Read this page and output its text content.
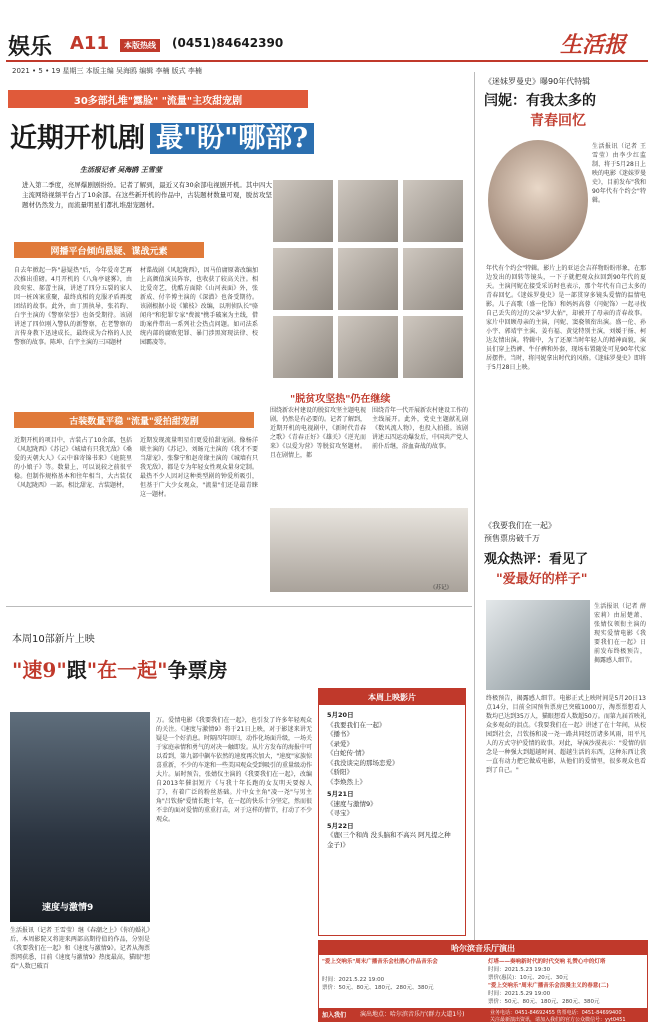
娱乐 A11	本版热线	(0451)84642390	生活报
2021 • 5 • 19 星期三 本版主编 吴海鸥 编辑 李楠 版式 李楠
30多部扎堆"露脸" "流量"主攻甜宠剧
近期开机剧 最"盼"哪部?
生活报记者 吴海鸥 王雪莹
进入第二季度，亮屏爆剧剧纷纷。记者了解到，最近又有30余部电视剧开机。其中四大主流网络视频平台占了10余部。在这些新开机的作品中，古装题材数量可观，脱贫攻坚题材仍然发力，而流量明星们都扎堆甜宠题材。
网播平台倾向悬疑、谍战元素
自去年掀起一阵"悬疑热"后，今年爱奇艺再次推出重磅。4月开机的《八角亭谜雾》，由段奕宏、郝蕾主演，讲述了四分五裂的家人因一桩凶案重聚，最终真相的克服矛盾再度团结的故事。此外，由丁黑执导，张若昀、白宇主演的《警察荣誉》也备受期待。该剧讲述了四位刚入警队的新警察，在老警察的言传身教下迅速成长，最终成为合格的人民警察的故事。陈坤、白宇主演的三国题材
材谍战剧《风起陇西》，因马伯庸原著改编加上高颜值演员阵容，也收获了较高关注。相比爱奇艺，优酷方面除《山河表面》外，张新成、付辛博主演的《深潜》也备受期待。该剧根据小说《繁枝》改编，以刑侦队长"骆闻舟"和犯罪专家"费渡"携手破案为主线，借助案件带出一系列社会热点问题。如司法系统内部的腐败犯罪、暴门涉黑窝现法律、校园霸凌等。
古装数量平稳 "流量"爱拍甜宠剧
近期开机的项目中，古装占了10余部，包括《风起陇西》《苏记》《城墙有只我无敌》《桑爱的天朝大人》《云中谁寄锦书来》《庭院里的小娘子》等。数量上，可以说较之前很平稳。但制作规格基本和往年相当，大古装仅《风起陇西》一部。相比甜宠、古装题材，
近期发现流量明星们更爱拍甜宠剧。像杨洋联主演的《苏记》、刘旸元主演的《我才不要当甜宠》、张黎宁和赵奇缘主演的《城墙有只我无敌》，都是专为年轻女性观众量身定制。最热不少人因对这种类型剧的钟爱所吸引，但基于广大少女观众，"流量"们还是最青睐这一题材。
"脱贫攻坚热"仍在继续
围绕新农村建设的脱贫攻坚主题电视剧，仍然是有必要的。记者了解到，近期开机的电视剧中，《新时代青春之歌》《青春正好》《雄关》《逆光而来》《以爱为营》等脱贫攻坚题材。且在剧情上，都
围绕青年一代开展新农村建设工作的主线展开。此外，党史主题献礼剧《数风流人物》，也投入拍摄。该剧讲述五四运动爆发后，中国共产党人前仆后继，浴血奋战的故事。
《苏记》
《迷妹罗曼史》曝90年代特辑
闫妮：有我太多的
青春回忆
生活报讯（记者 王雪莹）由李少红监制、将于5月28日上映的电影《迷妹罗曼史》，目前发布"我和90年代有个约会"特辑。
年代有个约会"特辑。影片上的亚运会吉祥物盼盼形象，在那边发出的回转等镜头，一下子就把观众拉回到90年代的夏天。主演闫妮在接受采访时也表示，那个年代有自己太多的青春回忆。《迷妹罗曼史》是一部贯穿多镜头爱情的温情电影。儿子高歌（盛一伦饰）和妈妈高蓉（闫妮饰）一起寻找自己丢失的过的父亲"罗大佑"，却被开了母亲的青春故事。家片中回顾母亲的主演，闫妮、窦骁领衔出演。盛一伦、孙小宇、郭靖宇主演、姜有福、黄觉特别主演，刘媛于扬、柯达友情出演。特辑中，为了还原当时年轻人的精神面貌，演员们穿上热裤、牛仔裤和外套，现场布置随处可见90年代家居摆件。当时，将闫妮拿出时代的风格。《迷妹罗曼史》即将于5月28日上映。
《我要我们在一起》
预售票房破千万
观众热评：看见了
"爱最好的样子"
生活报讯（记者 薛宏莉）由屈楚萧、张婧仪领衔主演的现实爱情电影《我要我们在一起》日前发布终极预告，揭露感人细节。
终极预告，揭露感人细节。电影正式上映时间是5月20日13点14分，目前全国预售票房已突破1000万，淘票票想看人数均已达到35万人，猫眼想看人数超50万。而第九届首映礼众多观众的泪点。《我要我们在一起》讲述了在十年间，从校园到社会，吕钦扬和凌一尧一路共同经历诸多风雨，用平凡人的方式守护爱情的故事。对此，导演沙漠表示："爱情的信念是一种强大到超越时间、超越生活的东西，这种东西让我一直有动力把它做成电影，从他们的爱情里，很多观众也看到了自己。"
本周10部新片上映
"速9"跟"在一起"争票房
速度与激情9
生活报讯（记者 王雪莹）继《春潮之上》《你的婚礼》后，本周影院又将迎来两部高期待值的作品，分别是《我要我们在一起》和《速度与激情9》。记者从淘票票网获悉，目前《速度与激情9》热度最高，猫眼"想看"人数已破百
万。爱情电影《我要我们在一起》，也引发了许多年轻观众的关注。《速度与激情9》将于21日上映，对于影迷来讲无疑是一个好消息。时隔四年回归，动作化场面升级，一场关于家庭亲情和勇气的对决一触即发。从片方发布的海报中可以看到，第九部中飙车依然的速度再次加大，"速度"家族惊喜重新，不少的车迷和一些美国观众受到吸引的重量级动作大片。届时预告，张婧仪主演的《我要我们在一起》，改编自2013年催泪短片《与我十年长跑的女友明天要嫁人了》，有着广泛的粉丝基础。片中女主角"凌一尧"与男主角"吕钦扬"爱情长跑十年，在一起的快乐十分坚定，然而很不幸的面对爱情的重重打击，对于这样的情节，打动了不少观众。
本周上映影片
5月20日
《我要我们在一起》
《播书》
《录爱》
《白蛇传·情》
《我没谈完的那场恋爱》
《骄阳》
《李焕然上》
5月21日
《速度与激情9》
《寻宝》
5月22日
《鹿(三个和尚 没头脑和不高兴 阿凡提之种金子)》
哈尔滨音乐厅演出
"爱上交响乐"周末广播音乐会杜鹃心作品音乐会
时间：2021.5.22 19:00
票价：50元、80元、180元、280元、380元
灯塔——奏响新时代的时代交响 礼赞心中的灯塔
时间：2021.5.23 19:30
票价(惠民)：10元、20元、30元
"爱上交响乐"周末广播音乐会浪漫主义的春意(二)
时间：2021.5.29 19:00
票价：50元、80元、180元、280元、380元
加入我们 演出地点：哈尔滨音乐厅(群力大道1号)	业务电话：0451-84692455 售票电话：0451-84699400
关注最新演出资讯，请加入我们的官方公众微信号：yyt0451
